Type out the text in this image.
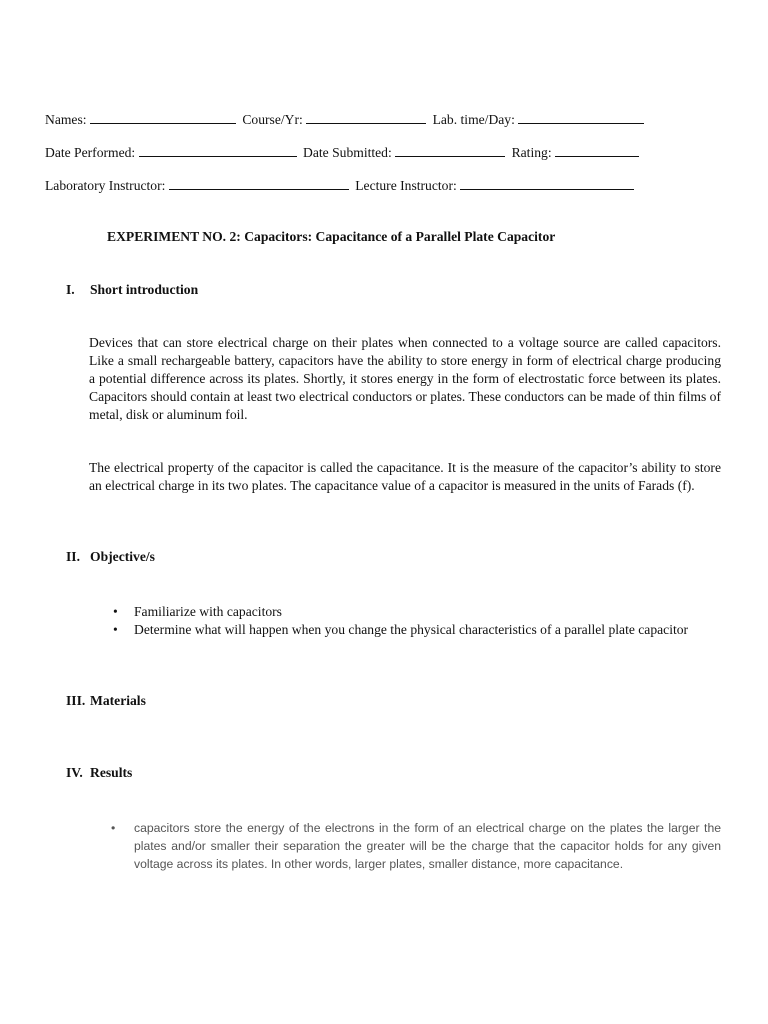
Names:	Course/Yr:	Lab. time/Day:
Date Performed:	Date Submitted:	Rating:
Laboratory Instructor:	Lecture Instructor:
EXPERIMENT NO. 2: Capacitors: Capacitance of a Parallel Plate Capacitor
I. Short introduction
Devices that can store electrical charge on their plates when connected to a voltage source are called capacitors. Like a small rechargeable battery, capacitors have the ability to store energy in form of electrical charge producing a potential difference across its plates. Shortly, it stores energy in the form of electrostatic force between its plates. Capacitors should contain at least two electrical conductors or plates. These conductors can be made of thin films of metal, disk or aluminum foil.
The electrical property of the capacitor is called the capacitance. It is the measure of the capacitor’s ability to store an electrical charge in its two plates. The capacitance value of a capacitor is measured in the units of Farads (f).
II. Objective/s
• Familiarize with capacitors
• Determine what will happen when you change the physical characteristics of a parallel plate capacitor
III. Materials
IV. Results
• capacitors store the energy of the electrons in the form of an electrical charge on the plates the larger the plates and/or smaller their separation the greater will be the charge that the capacitor holds for any given voltage across its plates. In other words, larger plates, smaller distance, more capacitance.
